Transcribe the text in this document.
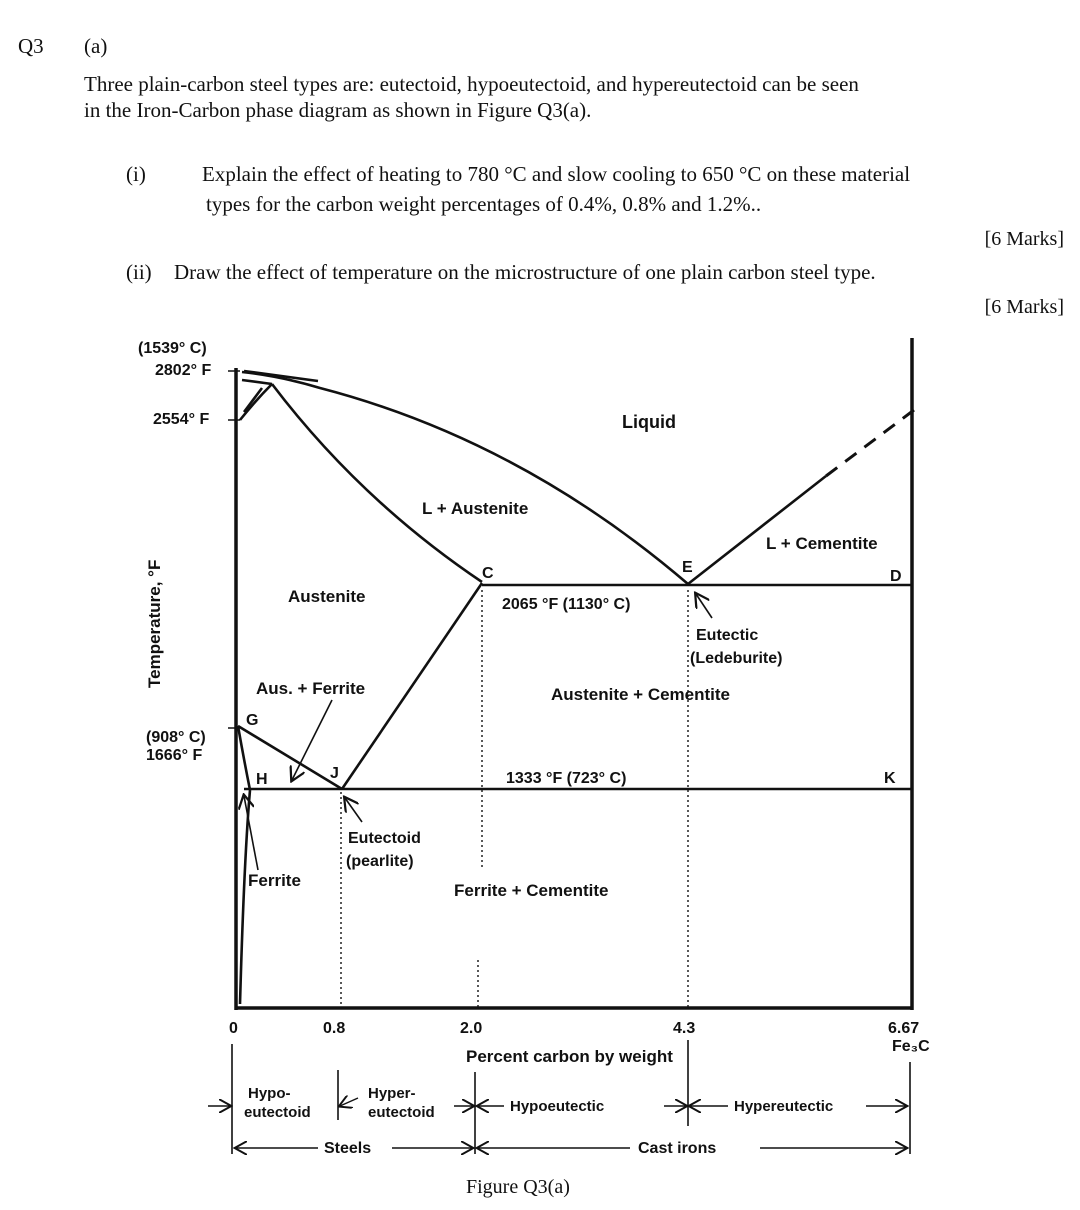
Q3 (a)
Three plain-carbon steel types are: eutectoid, hypoeutectoid, and hypereutectoid can be seen
in the Iron-Carbon phase diagram as shown in Figure Q3(a).
(i)	Explain the effect of heating to 780 °C and slow cooling to 650 °C on these material
types for the carbon weight percentages of 0.4%, 0.8% and 1.2%..
[6 Marks]
(ii) Draw the effect of temperature on the microstructure of one plain carbon steel type.
[6 Marks]
(1539° C)
2802° F
2554° F
(908° C)
1666° F
Temperature, °F
Liquid
L + Austenite
L + Cementite
Austenite
Aus. + Ferrite	Austenite + Cementite
Ferrite
Ferrite + Cementite
C	E
D
G
H	J	K
2065 °F (1130° C)
1333 °F (723° C)
Eutectic
(Ledeburite)
Eutectoid
(pearlite)
0	0.8	2.0	4.3	6.67
Fe₃C
Percent carbon by weight
Hypo-
eutectoid
Hyper-
eutectoid	Hypoeutectic	Hypereutectic
Steels	Cast irons
Figure Q3(a)
